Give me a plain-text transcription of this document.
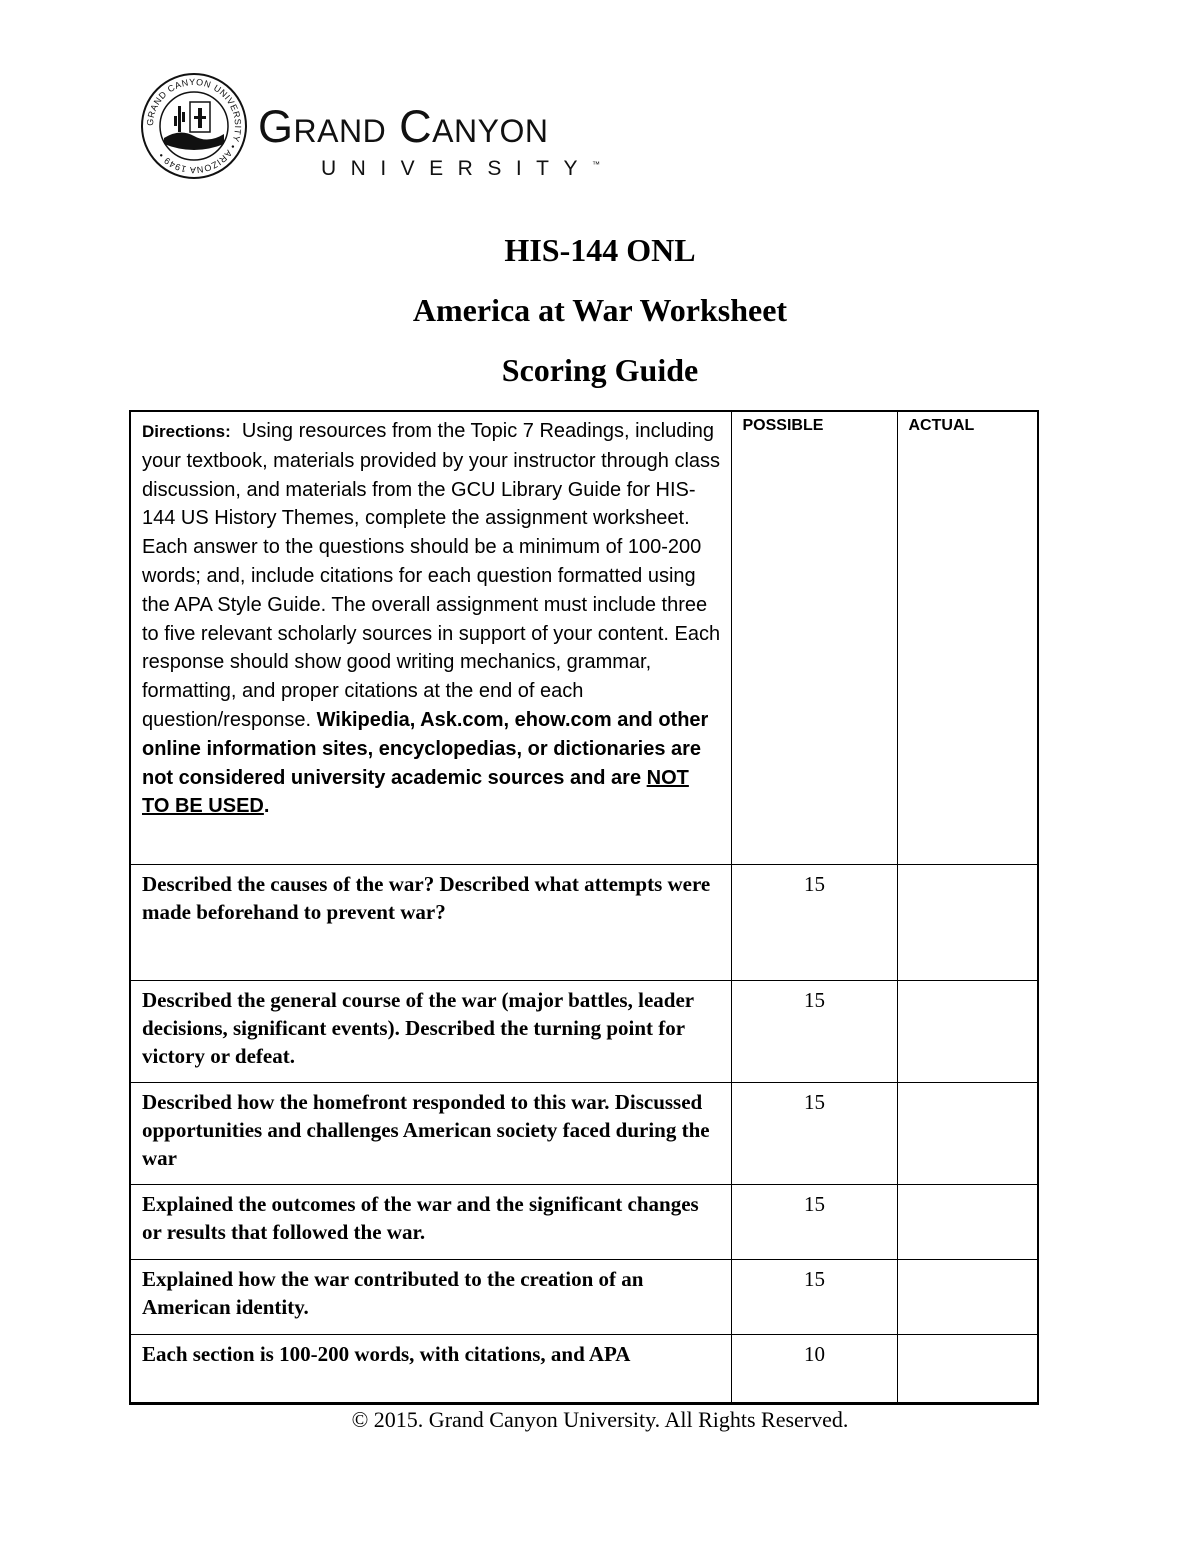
GRAND CANYON UNIVERSITY • ARIZONA 1949 •
Grand Canyon
UNIVERSITY™
HIS-144 ONL
America at War Worksheet
Scoring Guide
Directions: Using resources from the Topic 7 Readings, including your textbook, materials provided by your instructor through class discussion, and materials from the GCU Library Guide for HIS-144 US History Themes, complete the assignment worksheet. Each answer to the questions should be a minimum of 100-200 words; and, include citations for each question formatted using the APA Style Guide. The overall assignment must include three to five relevant scholarly sources in support of your content. Each response should show good writing mechanics, grammar, formatting, and proper citations at the end of each question/response. Wikipedia, Ask.com, ehow.com and other online information sites, encyclopedias, or dictionaries are not considered university academic sources and are NOT TO BE USED.	POSSIBLE	ACTUAL

Described the causes of the war? Described what attempts were made beforehand to prevent war?	15	

Described the general course of the war (major battles, leader decisions, significant events). Described the turning point for victory or defeat.	15	

Described how the homefront responded to this war. Discussed opportunities and challenges American society faced during the war	15	

Explained the outcomes of the war and the significant changes or results that followed the war.	15	

Explained how the war contributed to the creation of an American identity.	15	

Each section is 100-200 words, with citations, and APA	10	

© 2015. Grand Canyon University. All Rights Reserved.
